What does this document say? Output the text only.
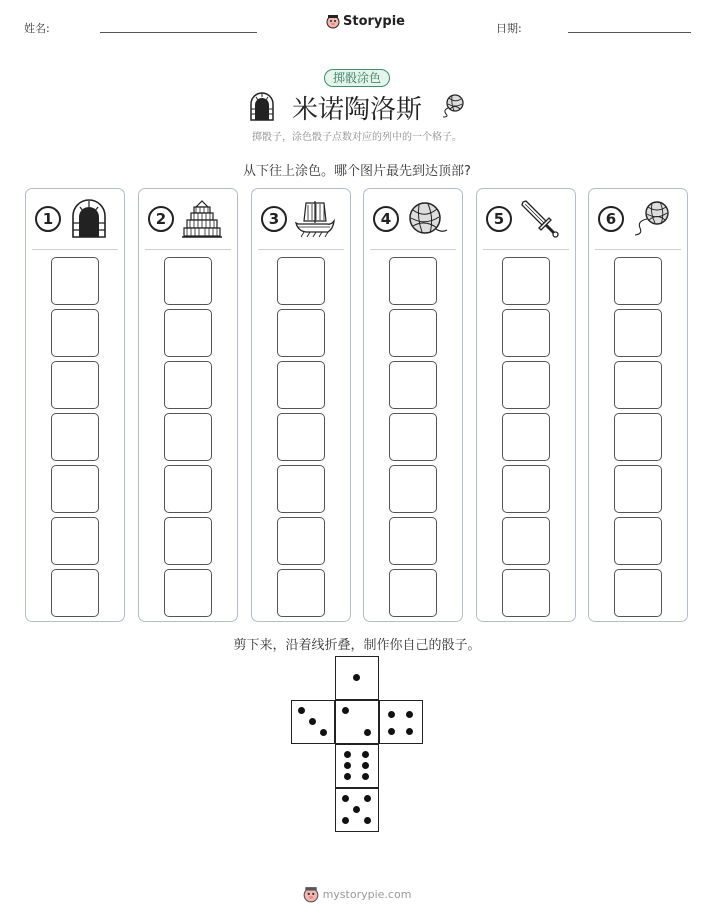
姓名:	Storypie	日期:
掷骰涂色
米诺陶洛斯
掷骰子，涂色骰子点数对应的列中的一个格子。
从下往上涂色。哪个图片最先到达顶部?
1	2	3	4	5	6
剪下来，沿着线折叠，制作你自己的骰子。
mystorypie.com
